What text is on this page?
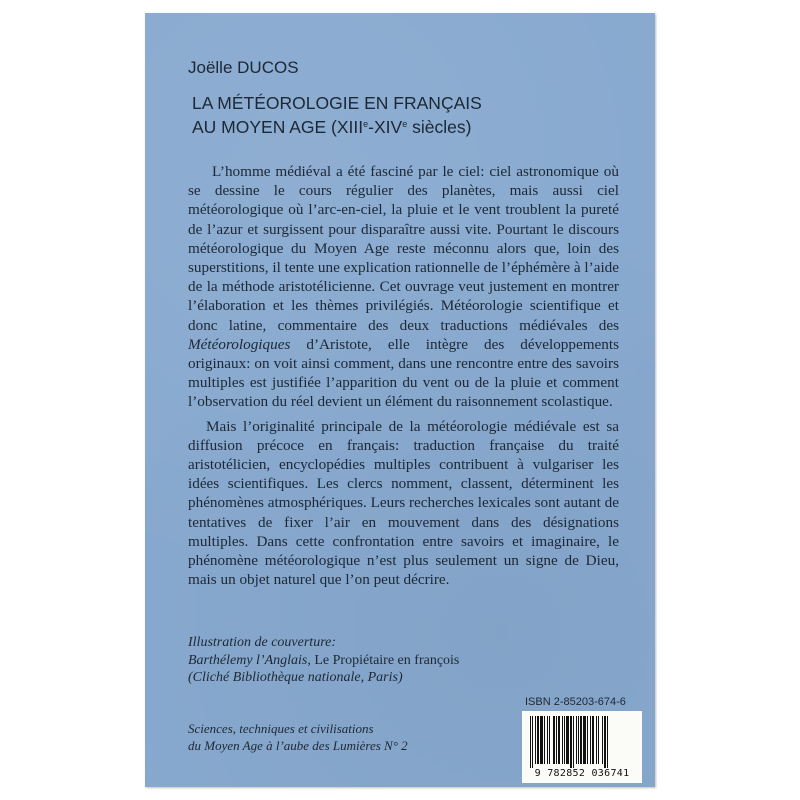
Joëlle DUCOS
LA MÉTÉOROLOGIE EN FRANÇAIS
AU MOYEN AGE (XIIIe-XIVe siècles)

L’homme médiéval a été fasciné par le ciel: ciel astronomique où se dessine le cours régulier des planètes, mais aussi ciel météorologique où l’arc-en-ciel, la pluie et le vent troublent la pureté de l’azur et surgissent pour disparaître aussi vite. Pourtant le discours météorologique du Moyen Age reste méconnu alors que, loin des superstitions, il tente une explication rationnelle de l’éphémère à l’aide de la méthode aristotélicienne. Cet ouvrage veut justement en montrer l’élaboration et les thèmes privilégiés. Météorologie scientifique et donc latine, commentaire des deux traductions médiévales des Météorologiques d’Aristote, elle intègre des développements originaux: on voit ainsi comment, dans une rencontre entre des savoirs multiples est justifiée l’apparition du vent ou de la pluie et comment l’observation du réel devient un élément du raisonnement scolastique.

Mais l’originalité principale de la météorologie médiévale est sa diffusion précoce en français: traduction française du traité aristotélicien, encyclopédies multiples contribuent à vulgariser les idées scientifiques. Les clercs nomment, classent, déterminent les phénomènes atmosphériques. Leurs recherches lexicales sont autant de tentatives de fixer l’air en mouvement dans des désignations multiples. Dans cette confrontation entre savoirs et imaginaire, le phénomène météorologique n’est plus seulement un signe de Dieu, mais un objet naturel que l’on peut décrire.

Illustration de couverture:
Barthélemy l’Anglais, Le Propiétaire en françois
(Cliché Bibliothèque nationale, Paris)
ISBN 2-85203-674-6
Sciences, techniques et civilisations
du Moyen Age à l’aube des Lumières N° 2
9 782852 036741
